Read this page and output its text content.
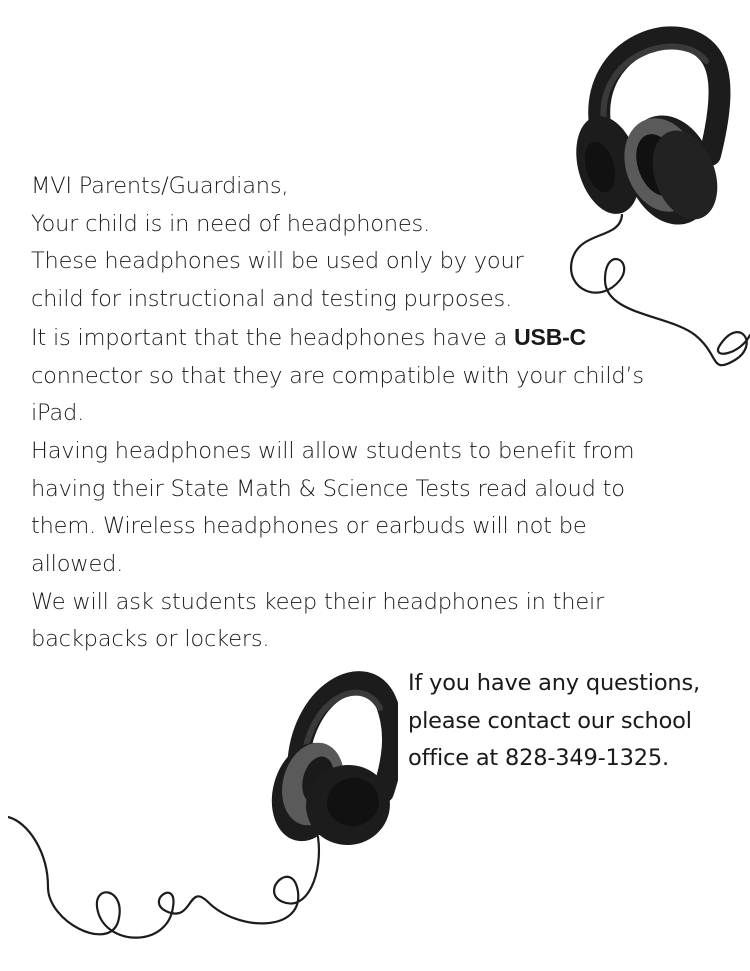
MVI Parents/Guardians,
Your child is in need of headphones.
These headphones will be used only by your
child for instructional and testing purposes.
It is important that the headphones have a USB-C
connector so that they are compatible with your child’s
iPad.
Having headphones will allow students to benefit from
having their State Math & Science Tests read aloud to
them. Wireless headphones or earbuds will not be
allowed.
We will ask students keep their headphones in their
backpacks or lockers.
If you have any questions,
please contact our school
office at 828-349-1325.
